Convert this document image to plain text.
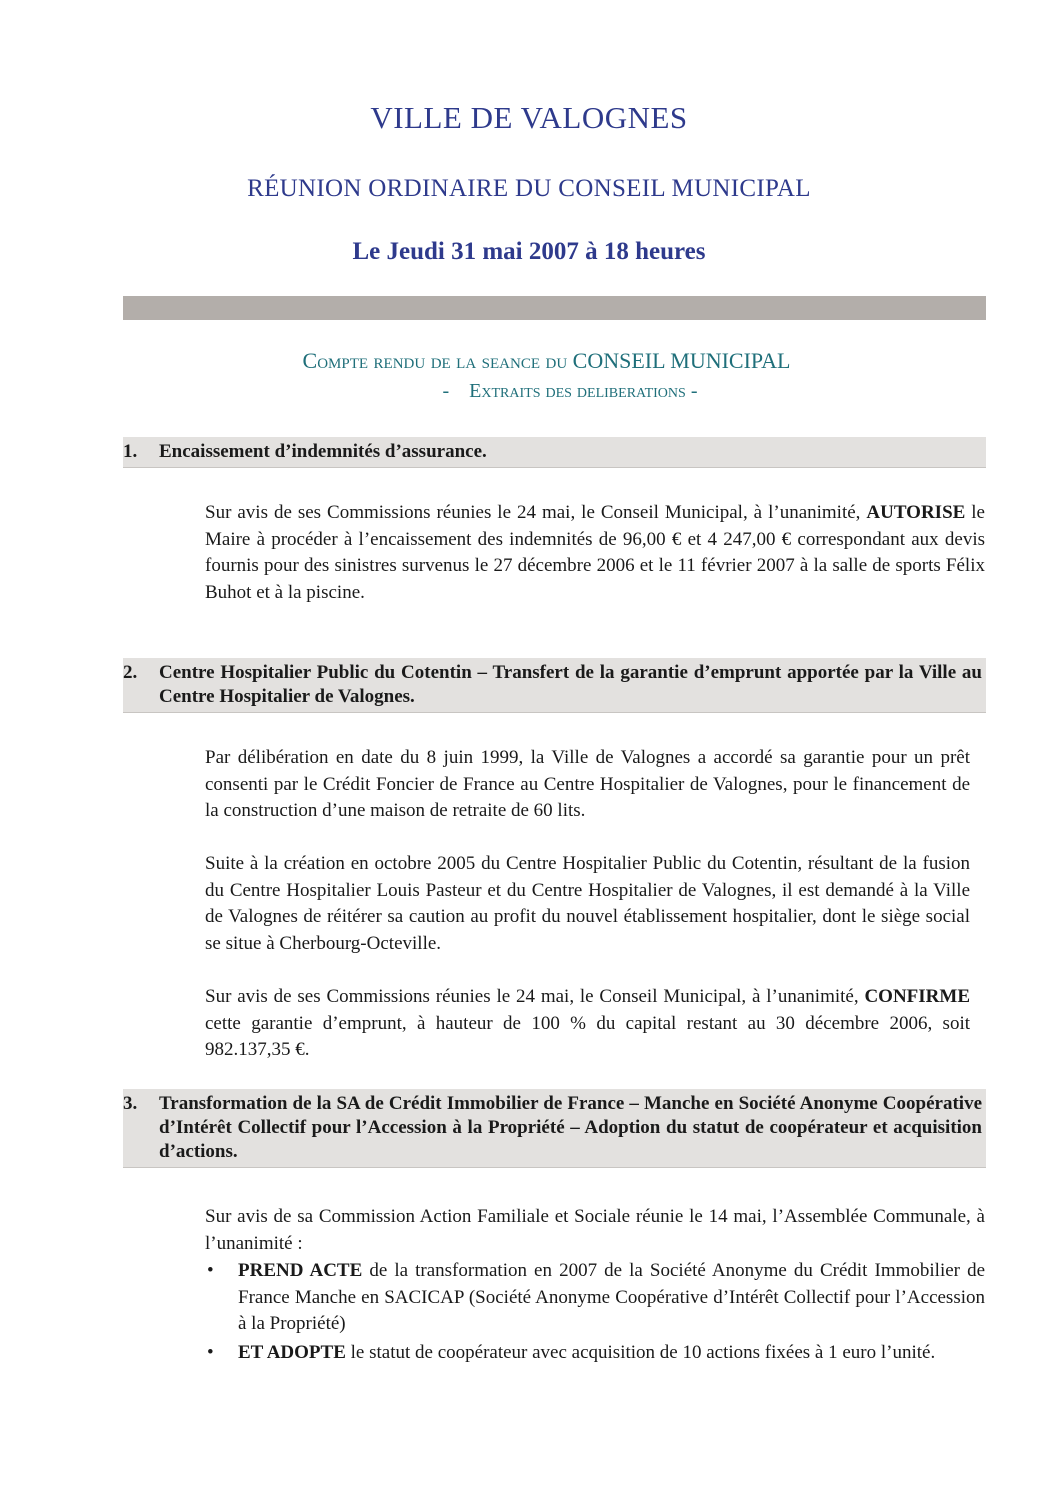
VILLE DE VALOGNES
RÉUNION ORDINAIRE DU CONSEIL MUNICIPAL
Le Jeudi 31 mai 2007 à 18 heures
Compte rendu de la seance du CONSEIL MUNICIPAL
-    Extraits des deliberations -
1.	Encaissement d’indemnités d’assurance.
Sur avis de ses Commissions réunies le 24 mai, le Conseil Municipal, à l’unanimité, AUTORISE le Maire à procéder à l’encaissement des indemnités de 96,00 € et 4 247,00 € correspondant aux devis fournis pour des sinistres survenus le 27 décembre 2006 et le 11 février 2007 à la salle de sports Félix Buhot et à la piscine.
2.	Centre Hospitalier Public du Cotentin – Transfert de la garantie d’emprunt apportée par la Ville au Centre Hospitalier de Valognes.
Par délibération en date du 8 juin 1999, la Ville de Valognes a accordé sa garantie pour un prêt consenti par le Crédit Foncier de France au Centre Hospitalier de Valognes, pour le financement de la construction d’une maison de retraite de 60 lits.
Suite à la création en octobre 2005 du Centre Hospitalier Public du Cotentin, résultant de la fusion du Centre Hospitalier Louis Pasteur et du Centre Hospitalier de Valognes, il est demandé à la Ville de Valognes de réitérer sa caution au profit du nouvel établissement hospitalier, dont le siège social se situe à Cherbourg-Octeville.
Sur avis de ses Commissions réunies le 24 mai, le Conseil Municipal, à l’unanimité, CONFIRME cette garantie d’emprunt, à hauteur de 100 % du capital restant au 30 décembre 2006, soit 982.137,35 €.
3.	Transformation de la SA de Crédit Immobilier de France – Manche en Société Anonyme Coopérative d’Intérêt Collectif pour l’Accession à la Propriété – Adoption du statut de coopérateur et acquisition d’actions.
Sur avis de sa Commission Action Familiale et Sociale réunie le 14 mai, l’Assemblée Communale, à l’unanimité :
• PREND ACTE de la transformation en 2007 de la Société Anonyme du Crédit Immobilier de France Manche en SACICAP (Société Anonyme Coopérative d’Intérêt Collectif pour l’Accession à la Propriété)
• ET ADOPTE le statut de coopérateur avec acquisition de 10 actions fixées à 1 euro l’unité.
